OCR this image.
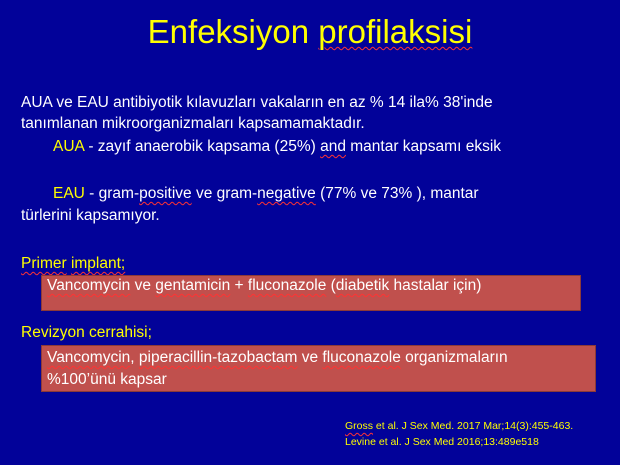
Enfeksiyon profilaksisi
AUA ve EAU antibiyotik kılavuzları vakaların en az % 14 ila% 38'inde
tanımlanan mikroorganizmaları kapsamamaktadır.
AUA - zayıf anaerobik kapsama (25%) and mantar kapsamı eksik
EAU - gram-positive ve gram-negative (77% ve 73% ), mantar
türlerini kapsamıyor.
Primer implant;
Vancomycin ve gentamicin + fluconazole (diabetik hastalar için)
Revizyon cerrahisi;
Vancomycin, piperacillin-tazobactam ve fluconazole organizmaların
%100’ünü kapsar
Gross et al. J Sex Med. 2017 Mar;14(3):455-463.
Levine et al. J Sex Med 2016;13:489e518
